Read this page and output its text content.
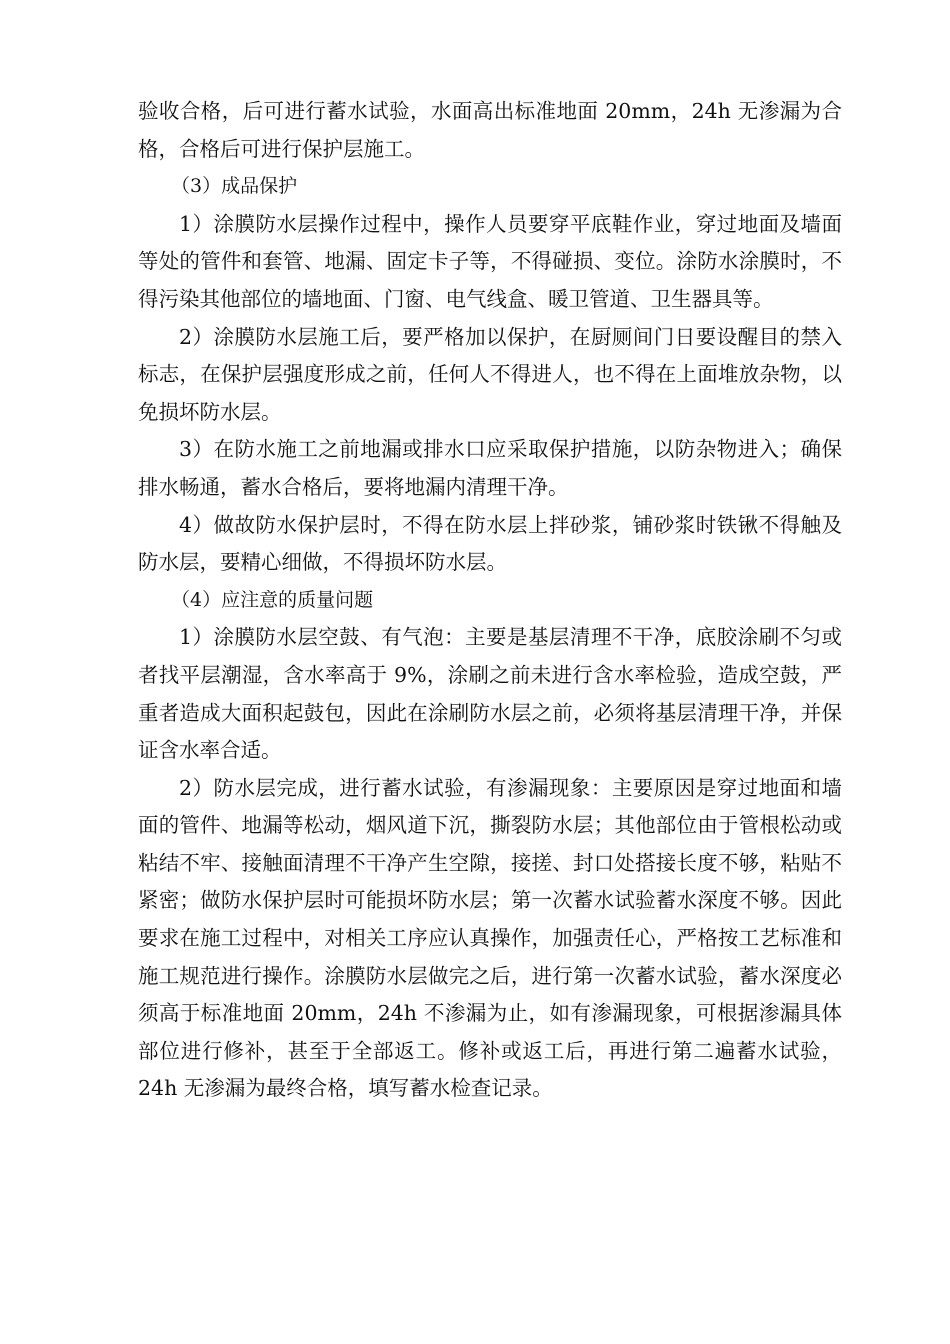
验收合格，后可进行蓄水试验，水面高出标准地面 20mm，24h 无渗漏为合格，合格后可进行保护层施工。

（3）成品保护

1）涂膜防水层操作过程中，操作人员要穿平底鞋作业，穿过地面及墙面等处的管件和套管、地漏、固定卡子等，不得碰损、变位。涂防水涂膜时，不得污染其他部位的墙地面、门窗、电气线盒、暖卫管道、卫生器具等。

2）涂膜防水层施工后，要严格加以保护，在厨厕间门日要设醒目的禁入标志，在保护层强度形成之前，任何人不得进人，也不得在上面堆放杂物，以免损坏防水层。

3）在防水施工之前地漏或排水口应采取保护措施，以防杂物进入；确保排水畅通，蓄水合格后，要将地漏内清理干净。

4）做故防水保护层时，不得在防水层上拌砂浆，铺砂浆时铁锹不得触及防水层，要精心细做，不得损坏防水层。

（4）应注意的质量问题

1）涂膜防水层空鼓、有气泡：主要是基层清理不干净，底胶涂刷不匀或者找平层潮湿，含水率高于 9%，涂刷之前未进行含水率检验，造成空鼓，严重者造成大面积起鼓包，因此在涂刷防水层之前，必须将基层清理干净，并保证含水率合适。

2）防水层完成，进行蓄水试验，有渗漏现象：主要原因是穿过地面和墙面的管件、地漏等松动，烟风道下沉，撕裂防水层；其他部位由于管根松动或粘结不牢、接触面清理不干净产生空隙，接搓、封口处搭接长度不够，粘贴不紧密；做防水保护层时可能损坏防水层；第一次蓄水试验蓄水深度不够。因此要求在施工过程中，对相关工序应认真操作，加强责任心，严格按工艺标准和施工规范进行操作。涂膜防水层做完之后，进行第一次蓄水试验，蓄水深度必须高于标准地面 20mm，24h 不渗漏为止，如有渗漏现象，可根据渗漏具体部位进行修补，甚至于全部返工。修补或返工后，再进行第二遍蓄水试验，24h 无渗漏为最终合格，填写蓄水检查记录。
